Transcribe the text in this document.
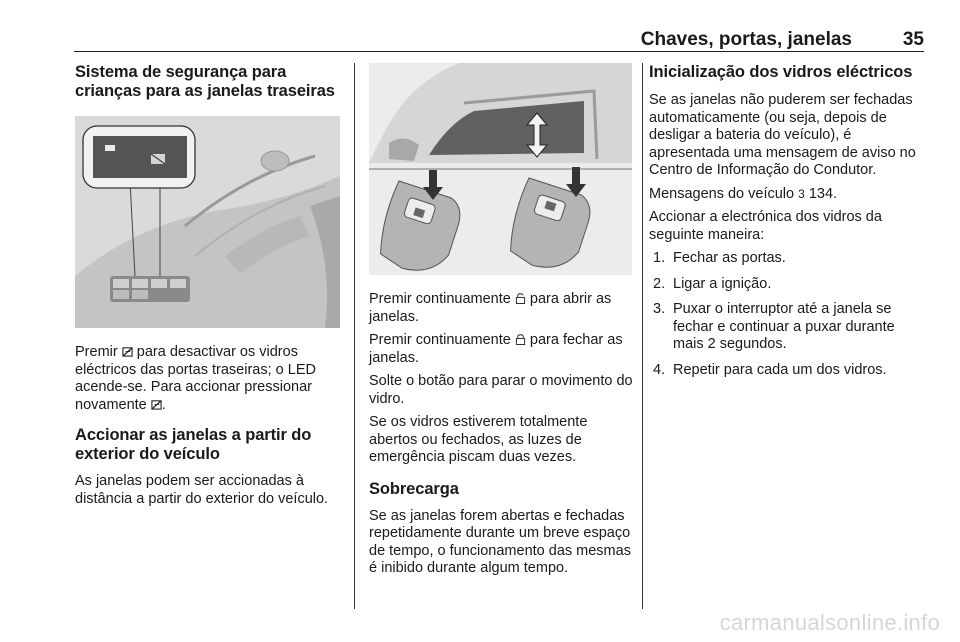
Chaves, portas, janelas	35
Sistema de segurança para crianças para as janelas traseiras

Premir  para desactivar os vidros eléctricos das portas traseiras; o LED acende-se. Para accionar pressionar novamente .

Accionar as janelas a partir do exterior do veículo

As janelas podem ser accionadas à distância a partir do exterior do veículo.

Premir continuamente  para abrir as janelas.

Premir continuamente  para fechar as janelas.

Solte o botão para parar o movimento do vidro.

Se os vidros estiverem totalmente abertos ou fechados, as luzes de emergência piscam duas vezes.

Sobrecarga

Se as janelas forem abertas e fechadas repetidamente durante um breve espaço de tempo, o funcionamento das mesmas é inibido durante algum tempo.

Inicialização dos vidros eléctricos

Se as janelas não puderem ser fechadas automaticamente (ou seja, depois de desligar a bateria do veículo), é apresentada uma mensagem de aviso no Centro de Informação do Condutor.

Mensagens do veículo 3 134.

Accionar a electrónica dos vidros da seguinte maneira:

1. Fechar as portas.
2. Ligar a ignição.
3. Puxar o interruptor até a janela se fechar e continuar a puxar durante mais 2 segundos.
4. Repetir para cada um dos vidros.
carmanualsonline.info
